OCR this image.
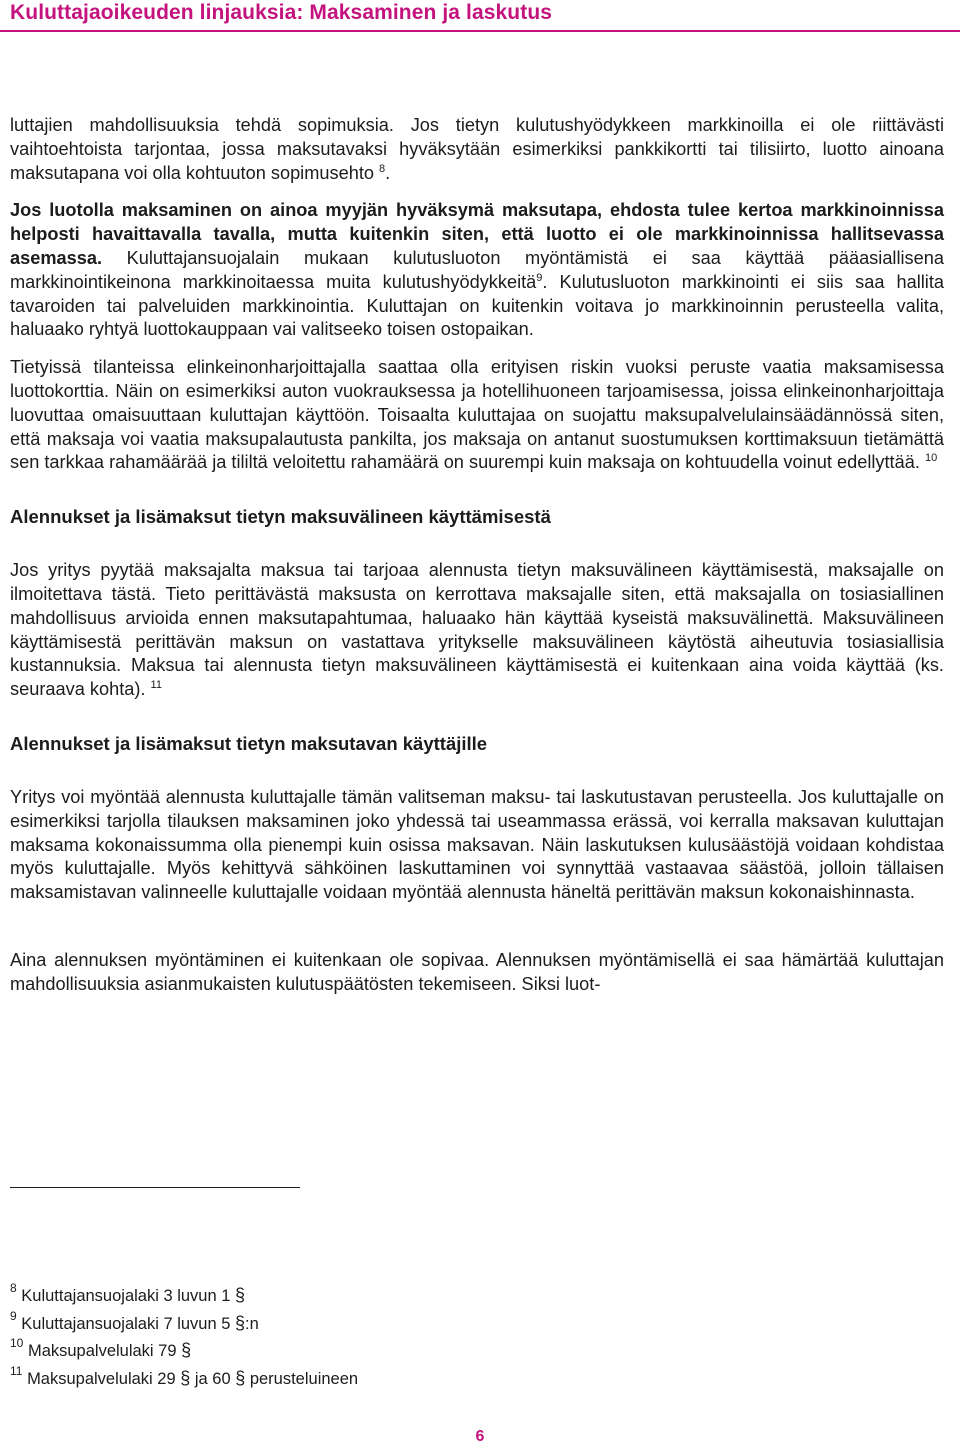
Kuluttajaoikeuden linjauksia: Maksaminen ja laskutus

luttajien mahdollisuuksia tehdä sopimuksia. Jos tietyn kulutushyödykkeen markkinoilla ei ole riittävästi vaihtoehtoista tarjontaa, jossa maksutavaksi hyväksytään esimerkiksi pankkikortti tai tilisiirto, luotto ainoana maksutapana voi olla kohtuuton sopimusehto $^8$.

Jos luotolla maksaminen on ainoa myyjän hyväksymä maksutapa, ehdosta tulee kertoa markkinoinnissa helposti havaittavalla tavalla, mutta kuitenkin siten, että luotto ei ole markkinoinnissa hallitsevassa asemassa. Kuluttajansuojalain mukaan kulutusluoton myöntämistä ei saa käyttää pääasiallisena markkinointikeinona markkinoitaessa muita kulutushyödykkeitä$^9$. Kulutusluoton markkinointi ei siis saa hallita tavaroiden tai palveluiden markkinointia. Kuluttajan on kuitenkin voitava jo markkinoinnin perusteella valita, haluaako ryhtyä luottokauppaan vai valitseeko toisen ostopaikan.

Tietyissä tilanteissa elinkeinonharjoittajalla saattaa olla erityisen riskin vuoksi peruste vaatia maksamisessa luottokorttia. Näin on esimerkiksi auton vuokrauksessa ja hotellihuoneen tarjoamisessa, joissa elinkeinonharjoittaja luovuttaa omaisuuttaan kuluttajan käyttöön. Toisaalta kuluttajaa on suojattu maksupalvelulainsäädännössä siten, että maksaja voi vaatia maksupalautusta pankilta, jos maksaja on antanut suostumuksen korttimaksuun tietämättä sen tarkkaa rahamäärää ja tililtä veloitettu rahamäärä on suurempi kuin maksaja on kohtuudella voinut edellyttää. $^{10}$

Alennukset ja lisämaksut tietyn maksuvälineen käyttämisestä

Jos yritys pyytää maksajalta maksua tai tarjoaa alennusta tietyn maksuvälineen käyttämisestä, maksajalle on ilmoitettava tästä. Tieto perittävästä maksusta on kerrottava maksajalle siten, että maksajalla on tosiasiallinen mahdollisuus arvioida ennen maksutapahtumaa, haluaako hän käyttää kyseistä maksuvälinettä. Maksuvälineen käyttämisestä perittävän maksun on vastattava yritykselle maksuvälineen käytöstä aiheutuvia tosiasiallisia kustannuksia. Maksua tai alennusta tietyn maksuvälineen käyttämisestä ei kuitenkaan aina voida käyttää (ks. seuraava kohta). $^{11}$

Alennukset ja lisämaksut tietyn maksutavan käyttäjille

Yritys voi myöntää alennusta kuluttajalle tämän valitseman maksu- tai laskutustavan perusteella. Jos kuluttajalle on esimerkiksi tarjolla tilauksen maksaminen joko yhdessä tai useammassa erässä, voi kerralla maksavan kuluttajan maksama kokonaissumma olla pienempi kuin osissa maksavan. Näin laskutuksen kulusäästöjä voidaan kohdistaa myös kuluttajalle. Myös kehittyvä sähköinen laskuttaminen voi synnyttää vastaavaa säästöä, jolloin tällaisen maksamistavan valinneelle kuluttajalle voidaan myöntää alennusta häneltä perittävän maksun kokonaishinnasta.

Aina alennuksen myöntäminen ei kuitenkaan ole sopivaa. Alennuksen myöntämisellä ei saa hämärtää kuluttajan mahdollisuuksia asianmukaisten kulutuspäätösten tekemiseen. Siksi luot-

$^8$ Kuluttajansuojalaki 3 luvun 1 §
$^9$ Kuluttajansuojalaki 7 luvun 5 §:n
$^{10}$ Maksupalvelulaki 79 §
$^{11}$ Maksupalvelulaki 29 § ja 60 § perusteluineen
6
